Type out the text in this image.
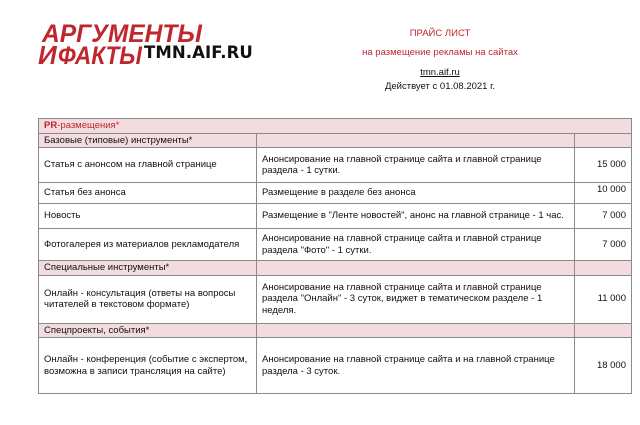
АРГУМЕНТЫ
И ФАКТЫ TMN.AIF.RU
ПРАЙС ЛИСТ
на размещение рекламы на сайтах
tmn.aif.ru
Действует с 01.08.2021 г.
PR-размещения*		
Базовые (типовые) инструменты*		
Статья с анонсом на главной странице	Анонсирование на главной странице сайта и главной странице раздела - 1 сутки.	15 000
Статья без анонса	Размещение в разделе без анонса	10 000
Новость	Размещение в "Ленте новостей", анонс на главной странице - 1 час.	7 000
Фотогалерея из материалов рекламодателя	Анонсирование на главной странице сайта и главной странице раздела "Фото" - 1 сутки.	7 000
Специальные инструменты*		
Онлайн - консультация (ответы на вопросы читателей в текстовом формате)	Анонсирование на главной странице сайта и главной странице раздела "Онлайн" - 3 суток, виджет в тематическом разделе - 1 неделя.	11 000
Спецпроекты, события*		
Онлайн - конференция (событие с экспертом, возможна в записи трансляция на сайте)	Анонсирование на главной странице сайта и на главной странице раздела - 3 суток.	18 000
